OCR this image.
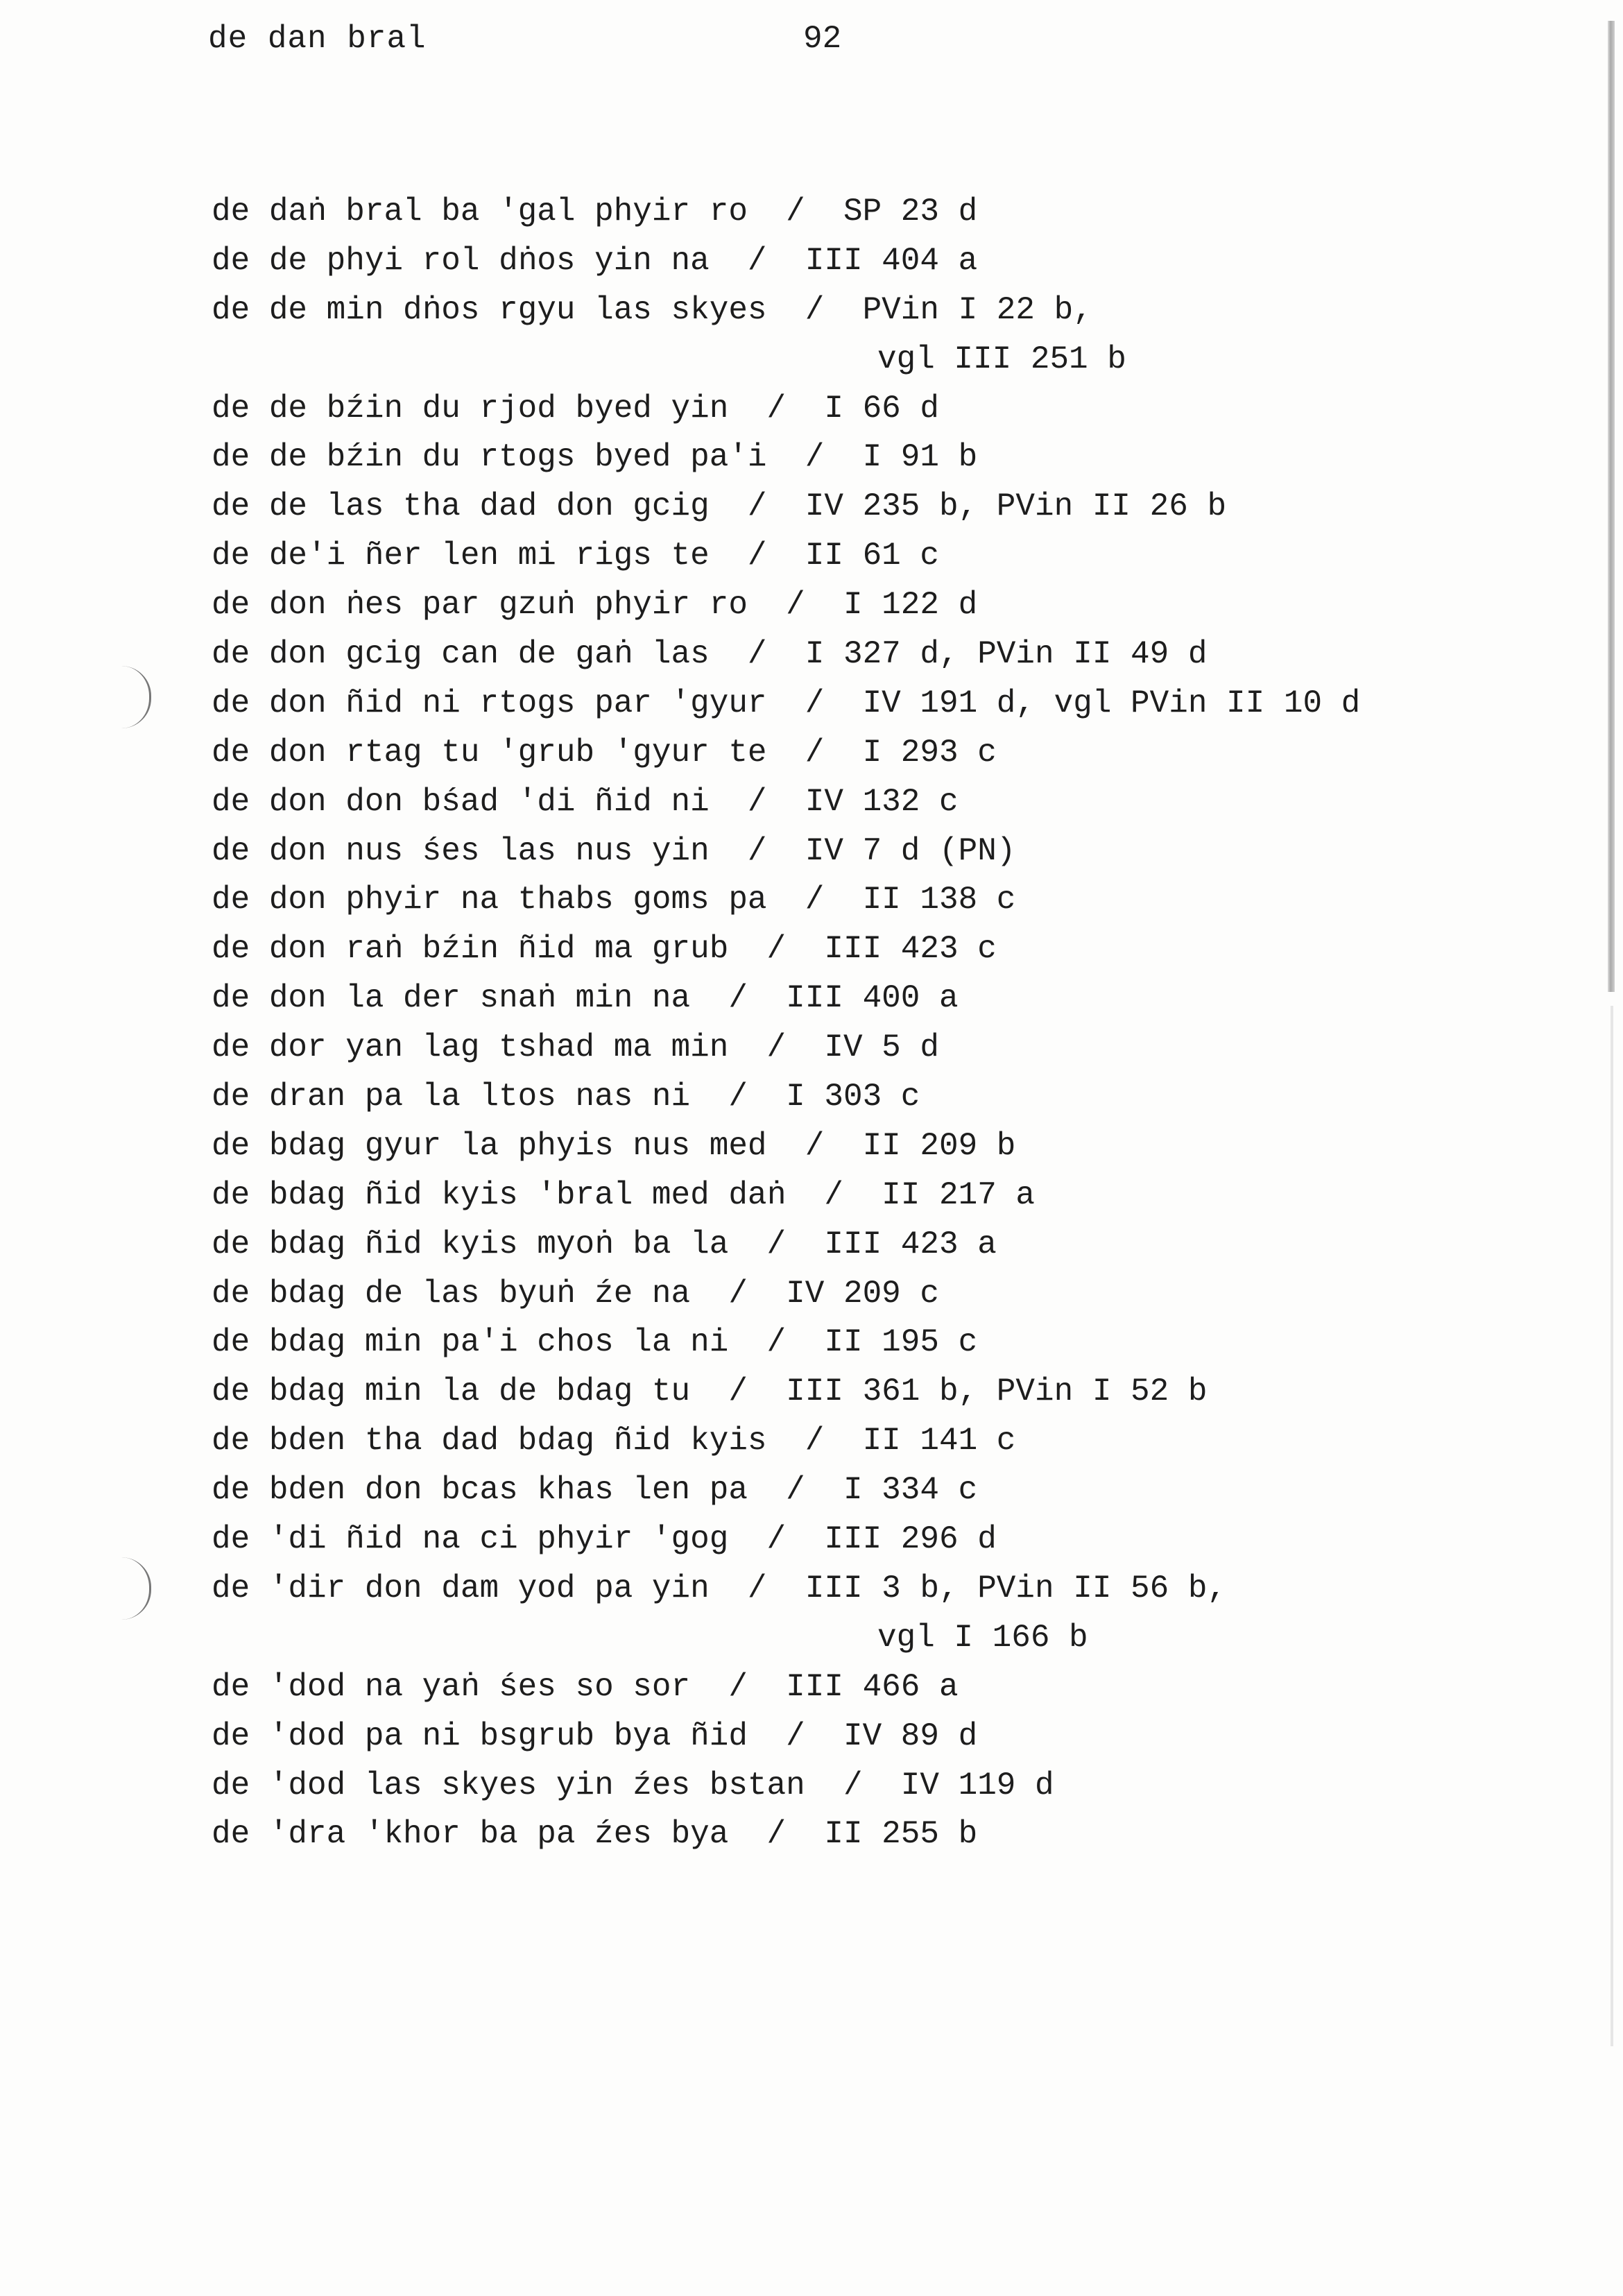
de dan bral	92
de daṅ bral ba 'gal phyir ro  /  SP 23 d
de de phyi rol dṅos yin na  /  III 404 a
de de min dṅos rgyu las skyes  /  PVin I 22 b,
vgl III 251 b
de de bźin du rjod byed yin  /  I 66 d
de de bźin du rtogs byed pa'i  /  I 91 b
de de las tha dad don gcig  /  IV 235 b, PVin II 26 b
de de'i ñer len mi rigs te  /  II 61 c
de don ṅes par gzuṅ phyir ro  /  I 122 d
de don gcig can de gaṅ las  /  I 327 d, PVin II 49 d
de don ñid ni rtogs par 'gyur  /  IV 191 d, vgl PVin II 10 d
de don rtag tu 'grub 'gyur te  /  I 293 c
de don don bśad 'di ñid ni  /  IV 132 c
de don nus śes las nus yin  /  IV 7 d (PN)
de don phyir na thabs goms pa  /  II 138 c
de don raṅ bźin ñid ma grub  /  III 423 c
de don la der snaṅ min na  /  III 400 a
de dor yan lag tshad ma min  /  IV 5 d
de dran pa la ltos nas ni  /  I 303 c
de bdag gyur la phyis nus med  /  II 209 b
de bdag ñid kyis 'bral med daṅ  /  II 217 a
de bdag ñid kyis myoṅ ba la  /  III 423 a
de bdag de las byuṅ źe na  /  IV 209 c
de bdag min pa'i chos la ni  /  II 195 c
de bdag min la de bdag tu  /  III 361 b, PVin I 52 b
de bden tha dad bdag ñid kyis  /  II 141 c
de bden don bcas khas len pa  /  I 334 c
de 'di ñid na ci phyir 'gog  /  III 296 d
de 'dir don dam yod pa yin  /  III 3 b, PVin II 56 b,
vgl I 166 b
de 'dod na yaṅ śes so sor  /  III 466 a
de 'dod pa ni bsgrub bya ñid  /  IV 89 d
de 'dod las skyes yin źes bstan  /  IV 119 d
de 'dra 'khor ba pa źes bya  /  II 255 b
